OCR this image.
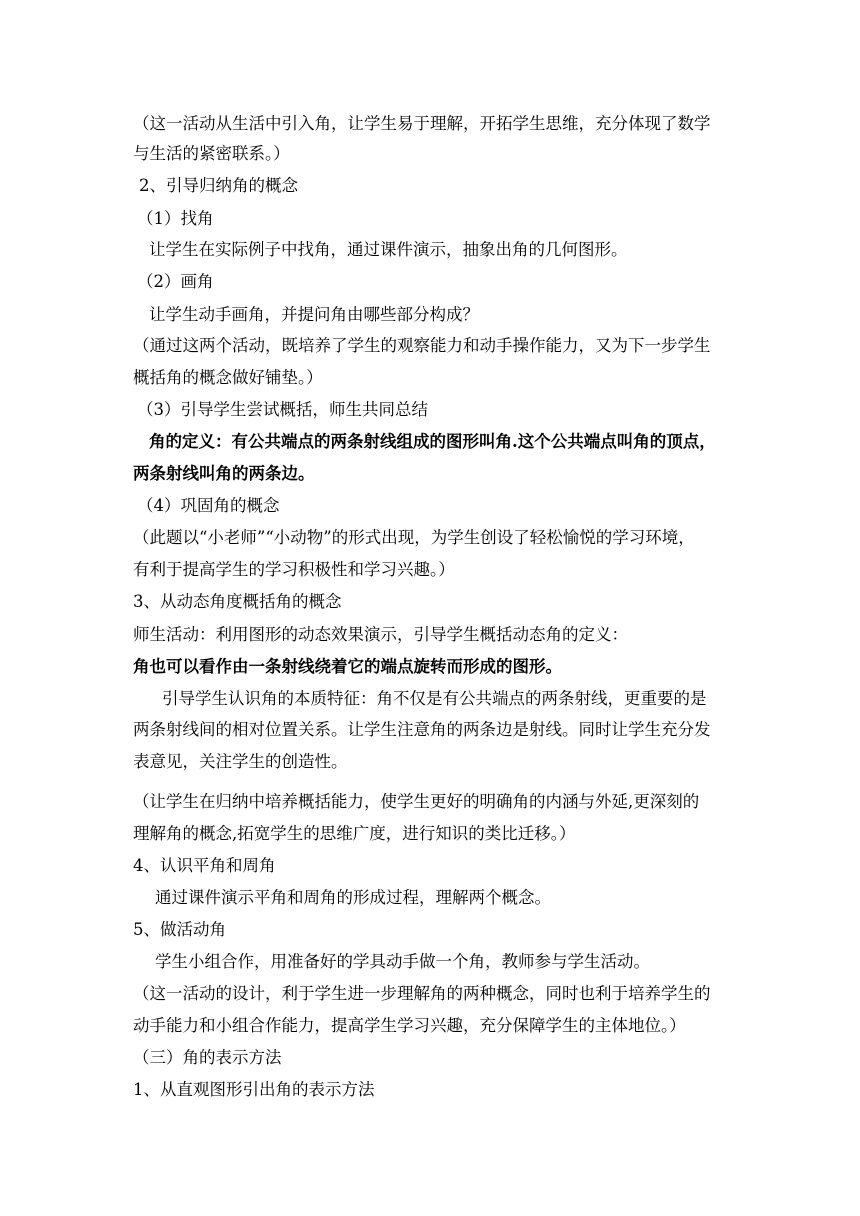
（这一活动从生活中引入角，让学生易于理解，开拓学生思维，充分体现了数学
与生活的紧密联系。）
2、引导归纳角的概念
（1）找角
让学生在实际例子中找角，通过课件演示，抽象出角的几何图形。
（2）画角
让学生动手画角，并提问角由哪些部分构成？
（通过这两个活动，既培养了学生的观察能力和动手操作能力，又为下一步学生
概括角的概念做好铺垫。）
（3）引导学生尝试概括，师生共同总结
角的定义：有公共端点的两条射线组成的图形叫角.这个公共端点叫角的顶点，
两条射线叫角的两条边。
（4）巩固角的概念
（此题以“小老师”“小动物”的形式出现，为学生创设了轻松愉悦的学习环境，
有利于提高学生的学习积极性和学习兴趣。）
3、从动态角度概括角的概念
师生活动：利用图形的动态效果演示，引导学生概括动态角的定义：
角也可以看作由一条射线绕着它的端点旋转而形成的图形。
引导学生认识角的本质特征：角不仅是有公共端点的两条射线，更重要的是
两条射线间的相对位置关系。让学生注意角的两条边是射线。同时让学生充分发
表意见，关注学生的创造性。
（让学生在归纳中培养概括能力，使学生更好的明确角的内涵与外延,更深刻的
理解角的概念,拓宽学生的思维广度，进行知识的类比迁移。）
4、认识平角和周角
通过课件演示平角和周角的形成过程，理解两个概念。
5、做活动角
学生小组合作，用准备好的学具动手做一个角，教师参与学生活动。
（这一活动的设计，利于学生进一步理解角的两种概念，同时也利于培养学生的
动手能力和小组合作能力，提高学生学习兴趣，充分保障学生的主体地位。）
（三）角的表示方法
1、从直观图形引出角的表示方法
